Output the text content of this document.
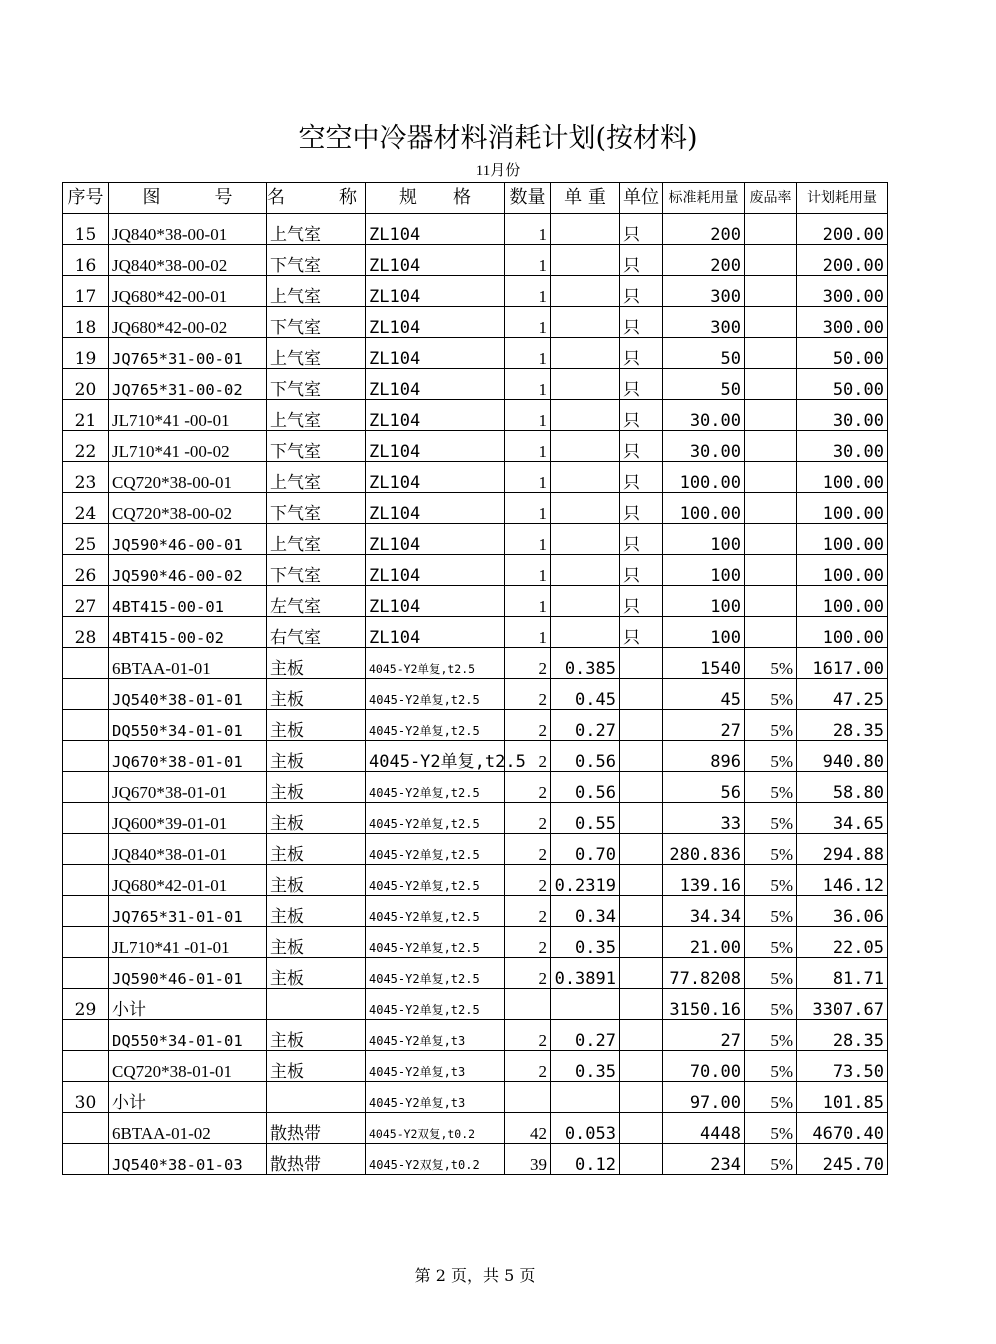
空空中冷器材料消耗计划(按材料)
11月份
序号	图　　　号	名　　　称	规　　格	数量	单 重	单位	标准耗用量	废品率	计划耗用量
15	JQ840*38-00-01	上气室	ZL104	1		只	200		200.00
16	JQ840*38-00-02	下气室	ZL104	1		只	200		200.00
17	JQ680*42-00-01	上气室	ZL104	1		只	300		300.00
18	JQ680*42-00-02	下气室	ZL104	1		只	300		300.00
19	JQ765*31-00-01	上气室	ZL104	1		只	50		50.00
20	JQ765*31-00-02	下气室	ZL104	1		只	50		50.00
21	JL710*41 -00-01	上气室	ZL104	1		只	30.00		30.00
22	JL710*41 -00-02	下气室	ZL104	1		只	30.00		30.00
23	CQ720*38-00-01	上气室	ZL104	1		只	100.00		100.00
24	CQ720*38-00-02	下气室	ZL104	1		只	100.00		100.00
25	JQ590*46-00-01	上气室	ZL104	1		只	100		100.00
26	JQ590*46-00-02	下气室	ZL104	1		只	100		100.00
27	4BT415-00-01	左气室	ZL104	1		只	100		100.00
28	4BT415-00-02	右气室	ZL104	1		只	100		100.00
	6BTAA-01-01	主板	4045-Y2单复,t2.5	2	0.385		1540	5%	1617.00
	JQ540*38-01-01	主板	4045-Y2单复,t2.5	2	0.45		45	5%	47.25
	DQ550*34-01-01	主板	4045-Y2单复,t2.5	2	0.27		27	5%	28.35
	JQ670*38-01-01	主板	4045-Y2单复,t2.5	2	0.56		896	5%	940.80
	JQ670*38-01-01	主板	4045-Y2单复,t2.5	2	0.56		56	5%	58.80
	JQ600*39-01-01	主板	4045-Y2单复,t2.5	2	0.55		33	5%	34.65
	JQ840*38-01-01	主板	4045-Y2单复,t2.5	2	0.70		280.836	5%	294.88
	JQ680*42-01-01	主板	4045-Y2单复,t2.5	2	0.2319		139.16	5%	146.12
	JQ765*31-01-01	主板	4045-Y2单复,t2.5	2	0.34		34.34	5%	36.06
	JL710*41 -01-01	主板	4045-Y2单复,t2.5	2	0.35		21.00	5%	22.05
	JQ590*46-01-01	主板	4045-Y2单复,t2.5	2	0.3891		77.8208	5%	81.71
29	小计		4045-Y2单复,t2.5				3150.16	5%	3307.67
	DQ550*34-01-01	主板	4045-Y2单复,t3	2	0.27		27	5%	28.35
	CQ720*38-01-01	主板	4045-Y2单复,t3	2	0.35		70.00	5%	73.50
30	小计		4045-Y2单复,t3				97.00	5%	101.85
	6BTAA-01-02	散热带	4045-Y2双复,t0.2	42	0.053		4448	5%	4670.40
	JQ540*38-01-03	散热带	4045-Y2双复,t0.2	39	0.12		234	5%	245.70
第 2 页，共 5 页
